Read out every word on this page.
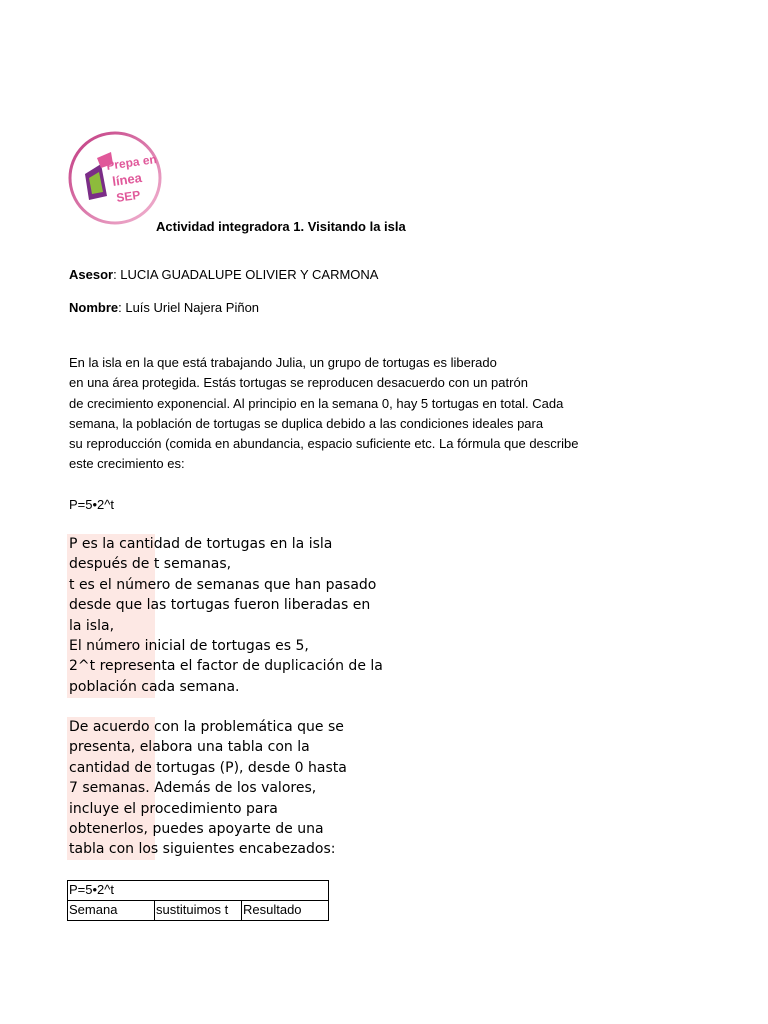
Prepa en
línea
SEP
Actividad integradora 1. Visitando la isla
Asesor: LUCIA GUADALUPE OLIVIER Y CARMONA
Nombre: Luís Uriel Najera Piñon
En la isla en la que está trabajando Julia, un grupo de tortugas es liberado
en una área protegida. Estás tortugas se reproducen desacuerdo con un patrón
de crecimiento exponencial. Al principio en la semana 0, hay 5 tortugas en total. Cada
semana, la población de tortugas se duplica debido a las condiciones ideales para
su reproducción (comida en abundancia, espacio suficiente etc. La fórmula que describe
este crecimiento es:
P=5•2^t
P es la cantidad de tortugas en la isla
después de t semanas,
t es el número de semanas que han pasado
desde que las tortugas fueron liberadas en
la isla,
El número inicial de tortugas es 5,
2^t representa el factor de duplicación de la
población cada semana.
De acuerdo con la problemática que se
presenta, elabora una tabla con la
cantidad de tortugas (P), desde 0 hasta
7 semanas. Además de los valores,
incluye el procedimiento para
obtenerlos, puedes apoyarte de una
tabla con los siguientes encabezados:
P=5•2^t
Semana	sustituimos t	Resultado
